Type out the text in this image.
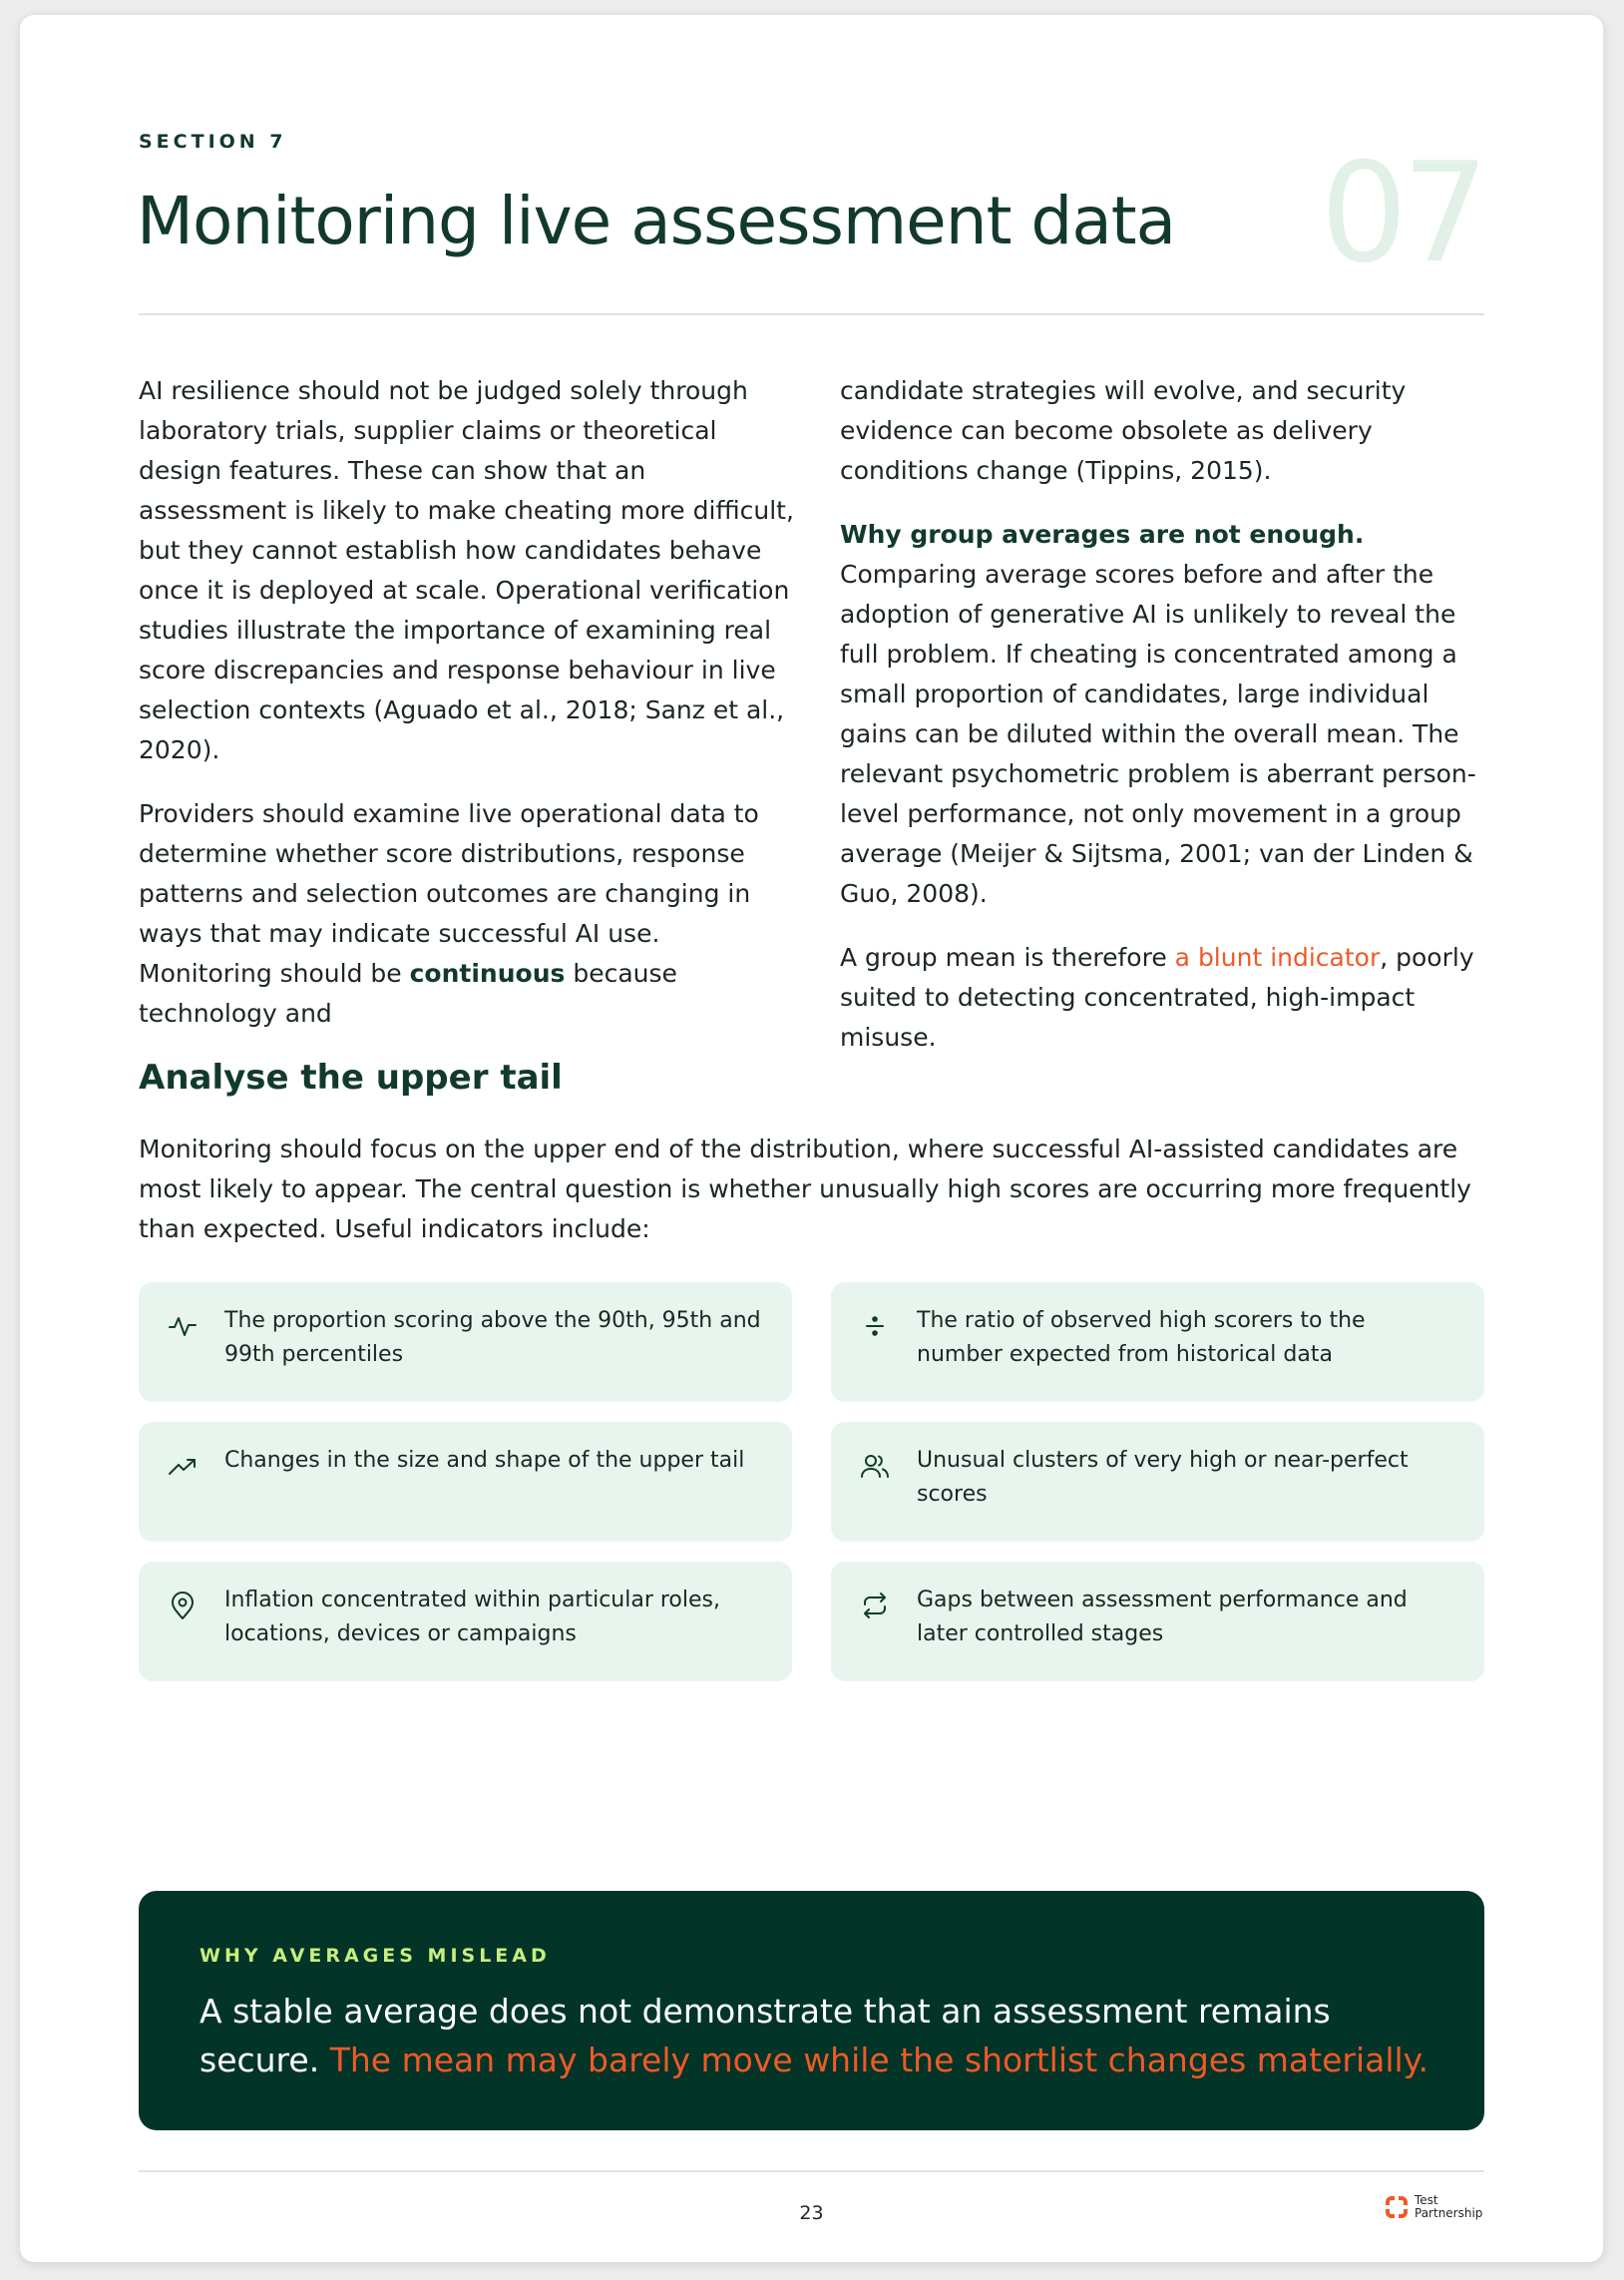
SECTION 7
Monitoring live assessment data 07

AI resilience should not be judged solely through laboratory trials, supplier claims or theoretical design features. These can show that an assessment is likely to make cheating more difficult, but they cannot establish how candidates behave once it is deployed at scale. Operational verification studies illustrate the importance of examining real score discrepancies and response behaviour in live selection contexts (Aguado et al., 2018; Sanz et al., 2020).

Providers should examine live operational data to determine whether score distributions, response patterns and selection outcomes are changing in ways that may indicate successful AI use. Monitoring should be continuous because technology and

candidate strategies will evolve, and security evidence can become obsolete as delivery conditions change (Tippins, 2015).

Why group averages are not enough. Comparing average scores before and after the adoption of generative AI is unlikely to reveal the full problem. If cheating is concentrated among a small proportion of candidates, large individual gains can be diluted within the overall mean. The relevant psychometric problem is aberrant person-level performance, not only movement in a group average (Meijer & Sijtsma, 2001; van der Linden & Guo, 2008).

A group mean is therefore a blunt indicator, poorly suited to detecting concentrated, high-impact misuse.

Analyse the upper tail
Monitoring should focus on the upper end of the distribution, where successful AI-assisted candidates are most likely to appear. The central question is whether unusually high scores are occurring more frequently than expected. Useful indicators include:
The proportion scoring above the 90th, 95th and 99th percentiles
The ratio of observed high scorers to the number expected from historical data
Changes in the size and shape of the upper tail	Unusual clusters of very high or near-perfect scores
Inflation concentrated within particular roles, locations, devices or campaigns
Gaps between assessment performance and later controlled stages
WHY AVERAGES MISLEAD
A stable average does not demonstrate that an assessment remains secure. The mean may barely move while the shortlist changes materially.
23
Test
Partnership
